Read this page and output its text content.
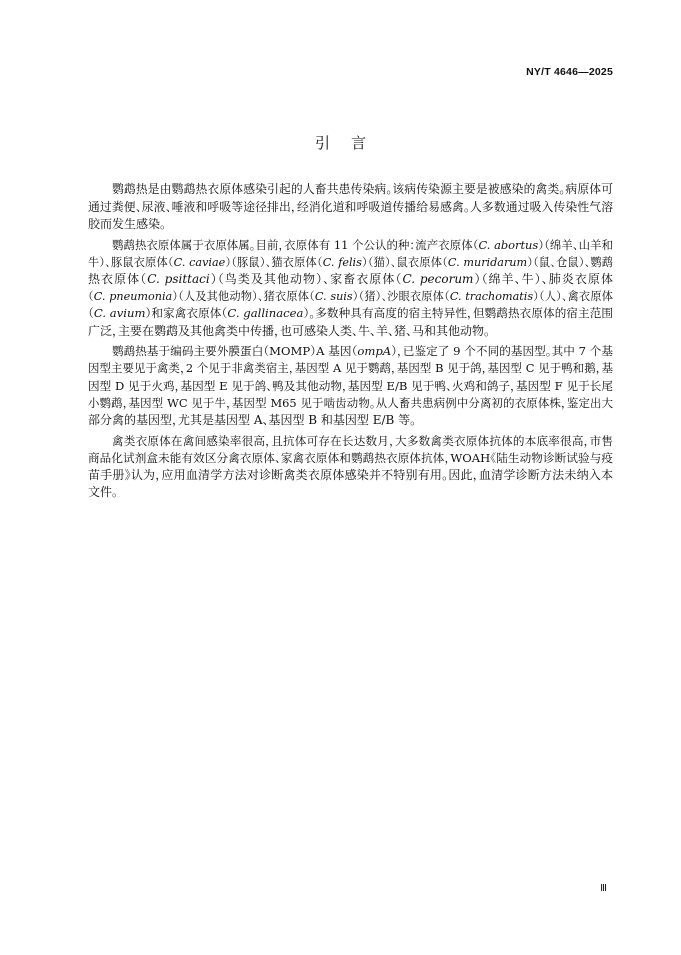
NY/T 4646—2025
引　言
鹦鹉热是由鹦鹉热衣原体感染引起的人畜共患传染病。该病传染源主要是被感染的禽类。病原体可
通过粪便、尿液、唾液和呼吸等途径排出，经消化道和呼吸道传播给易感禽。人多数通过吸入传染性气溶
胶而发生感染。
鹦鹉热衣原体属于衣原体属。目前，衣原体有 11 个公认的种：流产衣原体（C. abortus）（绵羊、山羊和
牛）、豚鼠衣原体（C. caviae）（豚鼠）、猫衣原体（C. felis）（猫）、鼠衣原体（C. muridarum）（鼠、仓鼠）、鹦鹉
热衣原体（C. psittaci）（鸟类及其他动物）、家畜衣原体（C. pecorum）（绵羊、牛）、肺炎衣原体
（C. pneumonia）（人及其他动物）、猪衣原体（C. suis）（猪）、沙眼衣原体（C. trachomatis）（人）、禽衣原体
（C. avium）和家禽衣原体（C. gallinacea）。多数种具有高度的宿主特异性，但鹦鹉热衣原体的宿主范围
广泛，主要在鹦鹉及其他禽类中传播，也可感染人类、牛、羊、猪、马和其他动物。
鹦鹉热基于编码主要外膜蛋白（MOMP）A 基因（ompA），已鉴定了 9 个不同的基因型。其中 7 个基
因型主要见于禽类，2 个见于非禽类宿主，基因型 A 见于鹦鹉，基因型 B 见于鸽，基因型 C 见于鸭和鹅，基
因型 D 见于火鸡，基因型 E 见于鸽、鸭及其他动物，基因型 E/B 见于鸭、火鸡和鸽子，基因型 F 见于长尾
小鹦鹉，基因型 WC 见于牛，基因型 M65 见于啮齿动物。从人畜共患病例中分离初的衣原体株，鉴定出大
部分禽的基因型，尤其是基因型 A、基因型 B 和基因型 E/B 等。
禽类衣原体在禽间感染率很高，且抗体可存在长达数月，大多数禽类衣原体抗体的本底率很高，市售
商品化试剂盒未能有效区分禽衣原体、家禽衣原体和鹦鹉热衣原体抗体，WOAH《陆生动物诊断试验与疫
苗手册》认为，应用血清学方法对诊断禽类衣原体感染并不特别有用。因此，血清学诊断方法未纳入本
文件。
Ⅲ
